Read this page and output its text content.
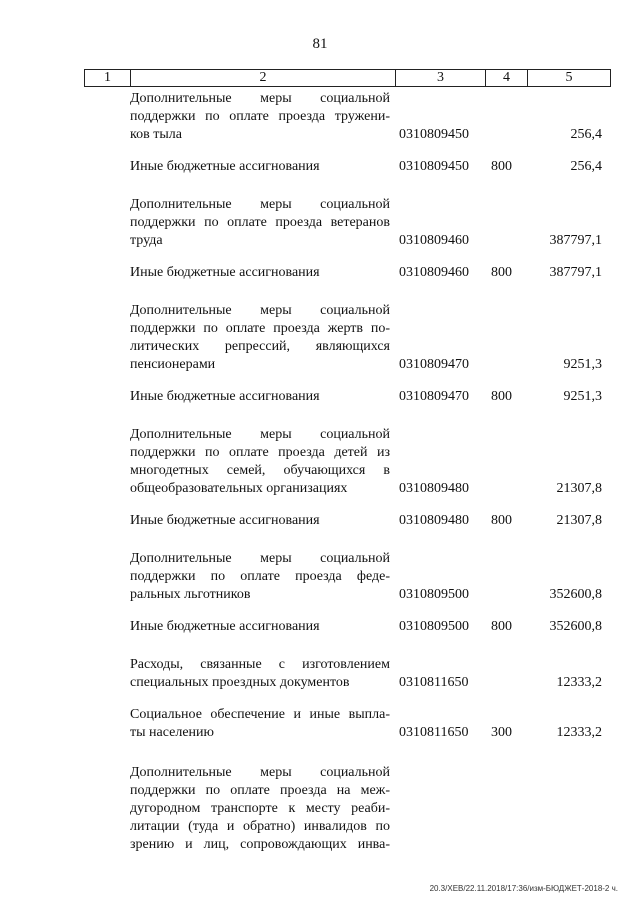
81
1	2	3	4	5
Дополнительные меры социальной
поддержки по оплате проезда тружени-
ков тыла	0310809450	256,4
Иные бюджетные ассигнования	0310809450 800	256,4
Дополнительные меры социальной
поддержки по оплате проезда ветеранов
труда	0310809460	387797,1
Иные бюджетные ассигнования	0310809460 800	387797,1
Дополнительные меры социальной
поддержки по оплате проезда жертв по-
литических репрессий, являющихся
пенсионерами	0310809470	9251,3
Иные бюджетные ассигнования	0310809470 800	9251,3
Дополнительные меры социальной
поддержки по оплате проезда детей из
многодетных семей, обучающихся в
общеобразовательных организациях	0310809480	21307,8
Иные бюджетные ассигнования	0310809480 800	21307,8
Дополнительные меры социальной
поддержки по оплате проезда феде-
ральных льготников	0310809500	352600,8
Иные бюджетные ассигнования	0310809500 800	352600,8
Расходы, связанные с изготовлением
специальных проездных документов	0310811650	12333,2
Социальное обеспечение и иные выпла-
ты населению	0310811650 300	12333,2
Дополнительные меры социальной
поддержки по оплате проезда на меж-
дугородном транспорте к месту реаби-
литации (туда и обратно) инвалидов по
зрению и лиц, сопровождающих инва-
20.3/ХЕВ/22.11.2018/17:36/изм-БЮДЖЕТ-2018-2 ч.
